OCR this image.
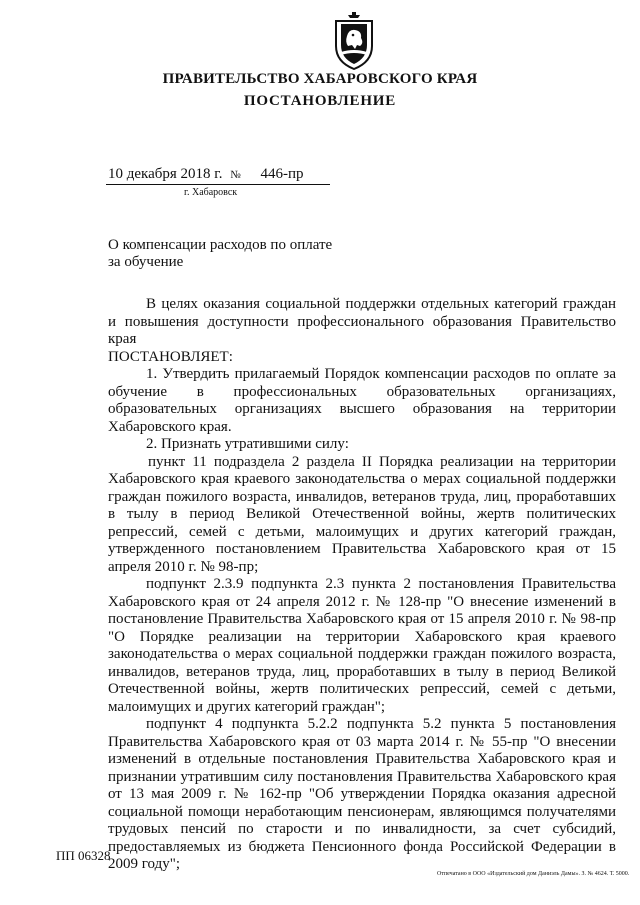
ПРАВИТЕЛЬСТВО ХАБАРОВСКОГО КРАЯ
ПОСТАНОВЛЕНИЕ
10 декабря 2018 г. № 446-пр
г. Хабаровск
О компенсации расходов по оплате
за обучение

В целях оказания социальной поддержки отдельных категорий граждан и повышения доступности профессионального образования Правительство края

ПОСТАНОВЛЯЕТ:

1. Утвердить прилагаемый Порядок компенсации расходов по оплате за обучение в профессиональных образовательных организациях, образовательных организациях высшего образования на территории Хабаровского края.

2. Признать утратившими силу:

пункт 11 подраздела 2 раздела II Порядка реализации на территории Хабаровского края краевого законодательства о мерах социальной поддержки граждан пожилого возраста, инвалидов, ветеранов труда, лиц, проработавших в тылу в период Великой Отечественной войны, жертв политических репрессий, семей с детьми, малоимущих и других категорий граждан, утвержденного постановлением Правительства Хабаровского края от 15 апреля 2010 г. № 98-пр;

подпункт 2.3.9 подпункта 2.3 пункта 2 постановления Правительства Хабаровского края от 24 апреля 2012 г. № 128-пр "О внесение изменений в постановление Правительства Хабаровского края от 15 апреля 2010 г. № 98-пр "О Порядке реализации на территории Хабаровского края краевого законодательства о мерах социальной поддержки граждан пожилого возраста, инвалидов, ветеранов труда, лиц, проработавших в тылу в период Великой Отечественной войны, жертв политических репрессий, семей с детьми, малоимущих и других категорий граждан";

подпункт 4 подпункта 5.2.2 подпункта 5.2 пункта 5 постановления Правительства Хабаровского края от 03 марта 2014 г. № 55-пр "О внесении изменений в отдельные постановления Правительства Хабаровского края и признании утратившим силу постановления Правительства Хабаровского края от 13 мая 2009 г. № 162-пр "Об утверждении Порядка оказания адресной социальной помощи неработающим пенсионерам, являющимся получателями трудовых пенсий по старости и по инвалидности, за счет субсидий, предоставляемых из бюджета Пенсионного фонда Российской Федерации в 2009 году";

ПП 06328
Отпечатано в ООО «Издательский дом Даниэль Дамы». З. № 4624. Т. 5000.
